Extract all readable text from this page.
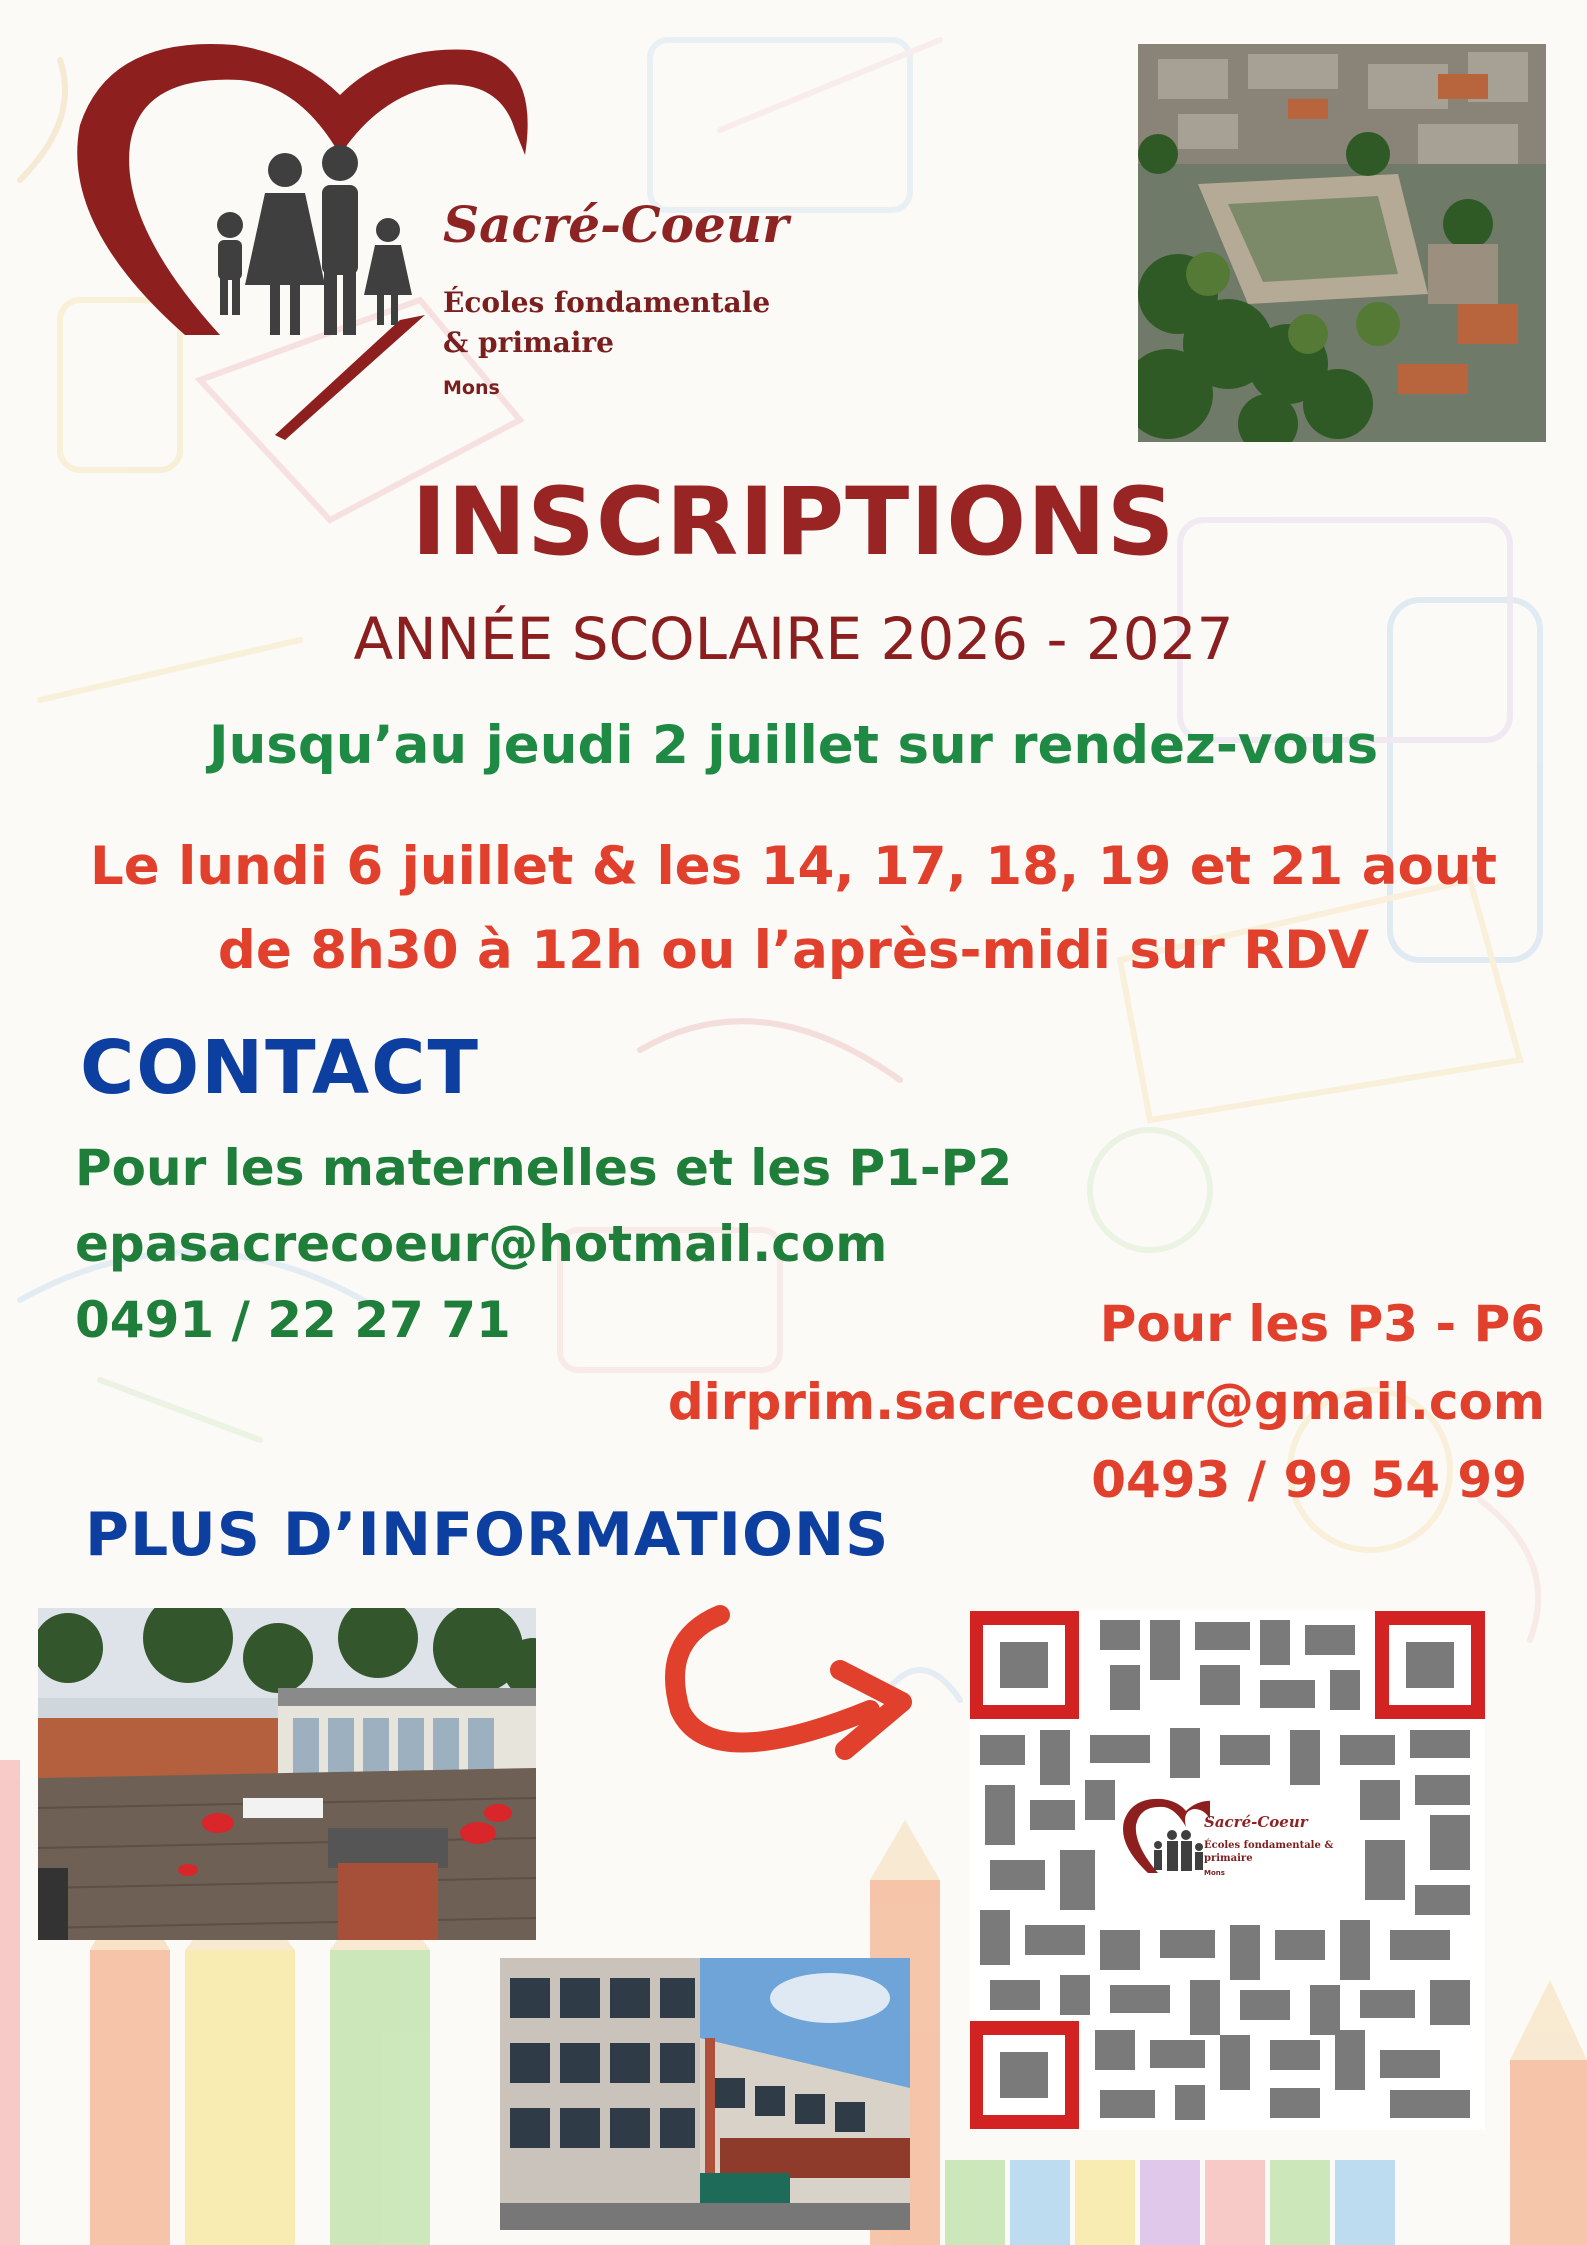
Sacré-Coeur
Écoles fondamentale & primaire
Mons
INSCRIPTIONS
ANNÉE SCOLAIRE 2026 - 2027
Jusqu’au jeudi 2 juillet sur rendez-vous
Le lundi 6 juillet & les 14, 17, 18, 19 et 21 aout
de 8h30 à 12h ou l’après-midi sur RDV
CONTACT
Pour les maternelles et les P1-P2
epasacrecoeur@hotmail.com
0491 / 22 27 71	Pour les P3 - P6
dirprim.sacrecoeur@gmail.com
0493 / 99 54 99
PLUS D’INFORMATIONS
Sacré-Coeur
Écoles fondamentale & primaire
Mons
